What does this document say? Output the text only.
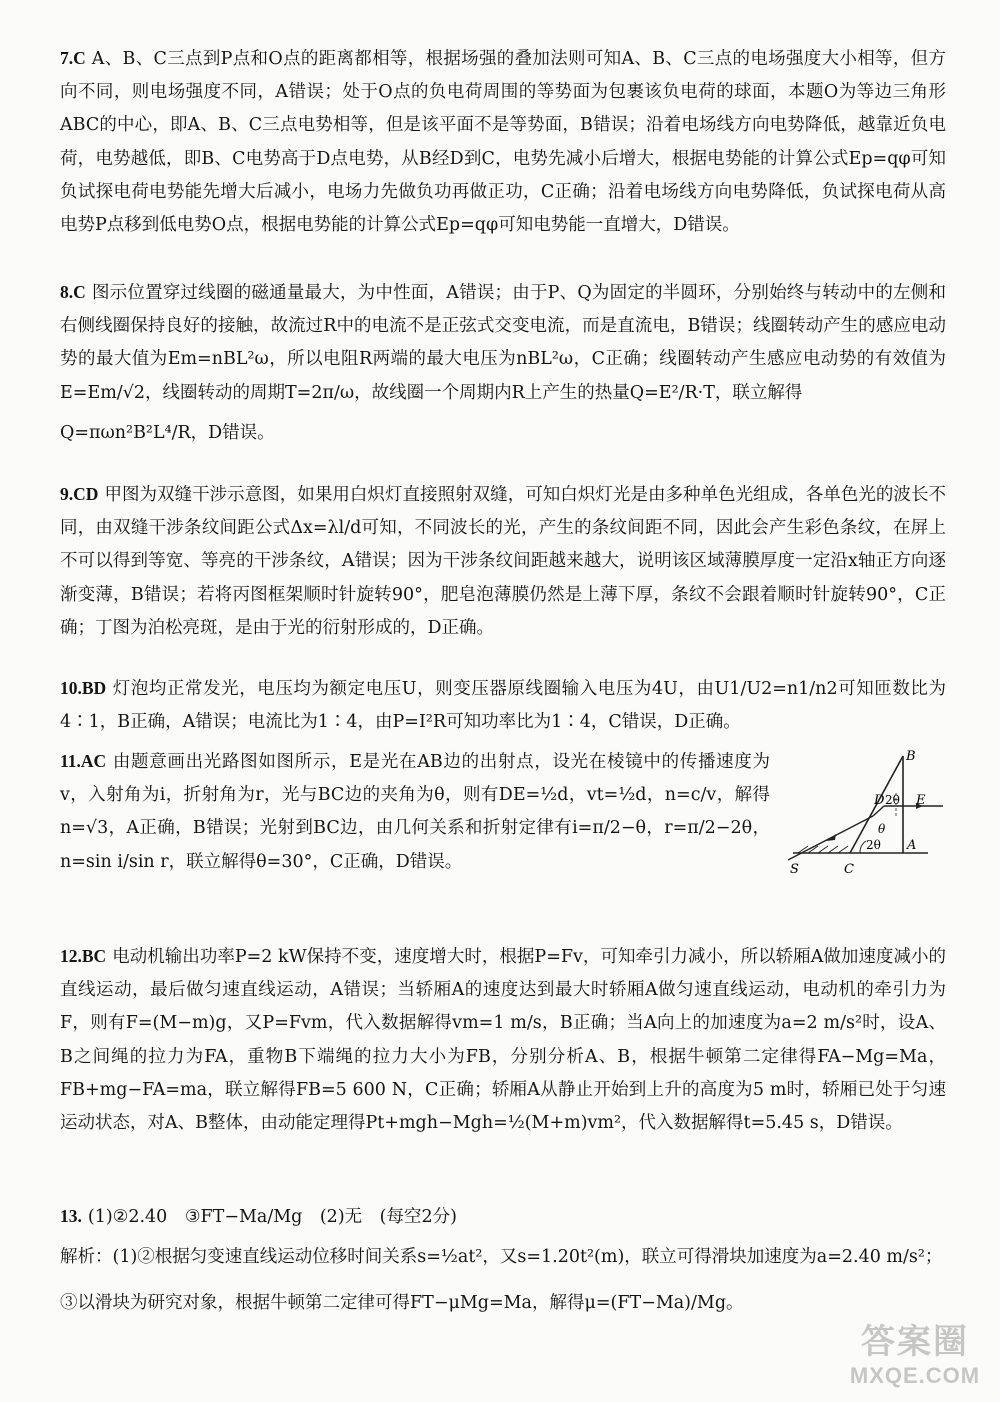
7.C A、B、C三点到P点和O点的距离都相等，根据场强的叠加法则可知A、B、C三点的电场强度大小相等，但方向不同，则电场强度不同，A错误；处于O点的负电荷周围的等势面为包裹该负电荷的球面，本题O为等边三角形ABC的中心，即A、B、C三点电势相等，但是该平面不是等势面，B错误；沿着电场线方向电势降低，越靠近负电荷，电势越低，即B、C电势高于D点电势，从B经D到C，电势先减小后增大，根据电势能的计算公式Ep=qφ可知负试探电荷电势能先增大后减小，电场力先做负功再做正功，C正确；沿着电场线方向电势降低，负试探电荷从高电势P点移到低电势O点，根据电势能的计算公式Ep=qφ可知电势能一直增大，D错误。

8.C 图示位置穿过线圈的磁通量最大，为中性面，A错误；由于P、Q为固定的半圆环，分别始终与转动中的左侧和右侧线圈保持良好的接触，故流过R中的电流不是正弦式交变电流，而是直流电，B错误；线圈转动产生的感应电动势的最大值为Em=nBL²ω，所以电阻R两端的最大电压为nBL²ω，C正确；线圈转动产生感应电动势的有效值为E=Em/√2，线圈转动的周期T=2π/ω，故线圈一个周期内R上产生的热量Q=E²/R·T，联立解得

Q=πωn²B²L⁴/R，D错误。

9.CD 甲图为双缝干涉示意图，如果用白炽灯直接照射双缝，可知白炽灯光是由多种单色光组成，各单色光的波长不同，由双缝干涉条纹间距公式Δx=λl/d可知，不同波长的光，产生的条纹间距不同，因此会产生彩色条纹，在屏上不可以得到等宽、等亮的干涉条纹，A错误；因为干涉条纹间距越来越大，说明该区域薄膜厚度一定沿x轴正方向逐渐变薄，B错误；若将丙图框架顺时针旋转90°，肥皂泡薄膜仍然是上薄下厚，条纹不会跟着顺时针旋转90°，C正确；丁图为泊松亮斑，是由于光的衍射形成的，D正确。

10.BD 灯泡均正常发光，电压均为额定电压U，则变压器原线圈输入电压为4U，由U1/U2=n1/n2可知匝数比为4∶1，B正确，A错误；电流比为1∶4，由P=I²R可知功率比为1∶4，C错误，D正确。

11.AC 由题意画出光路图如图所示，E是光在AB边的出射点，设光在棱镜中的传播速度为v，入射角为i，折射角为r，光与BC边的夹角为θ，则有DE=½d，vt=½d，n=c/v，解得n=√3，A正确，B错误；光射到BC边，由几何关系和折射定律有i=π/2−θ，r=π/2−2θ，n=sin i/sin r，联立解得θ=30°，C正确，D错误。

B
D 2θ E
θ
2θ A
S	C

12.BC 电动机输出功率P=2 kW保持不变，速度增大时，根据P=Fv，可知牵引力减小，所以轿厢A做加速度减小的直线运动，最后做匀速直线运动，A错误；当轿厢A的速度达到最大时轿厢A做匀速直线运动，电动机的牵引力为F，则有F=(M−m)g，又P=Fvm，代入数据解得vm=1 m/s，B正确；当A向上的加速度为a=2 m/s²时，设A、B之间绳的拉力为FA，重物B下端绳的拉力大小为FB，分别分析A、B，根据牛顿第二定律得FA−Mg=Ma，FB+mg−FA=ma，联立解得FB=5 600 N，C正确；轿厢A从静止开始到上升的高度为5 m时，轿厢已处于匀速运动状态，对A、B整体，由动能定理得Pt+mgh−Mgh=½(M+m)vm²，代入数据解得t=5.45 s，D错误。

13. (1)②2.40　③FT−Ma/Mg　(2)无　(每空2分)

解析：(1)②根据匀变速直线运动位移时间关系s=½at²，又s=1.20t²(m)，联立可得滑块加速度为a=2.40 m/s²；

③以滑块为研究对象，根据牛顿第二定律可得FT−μMg=Ma，解得μ=(FT−Ma)/Mg。

答案圈
MXQE.COM
